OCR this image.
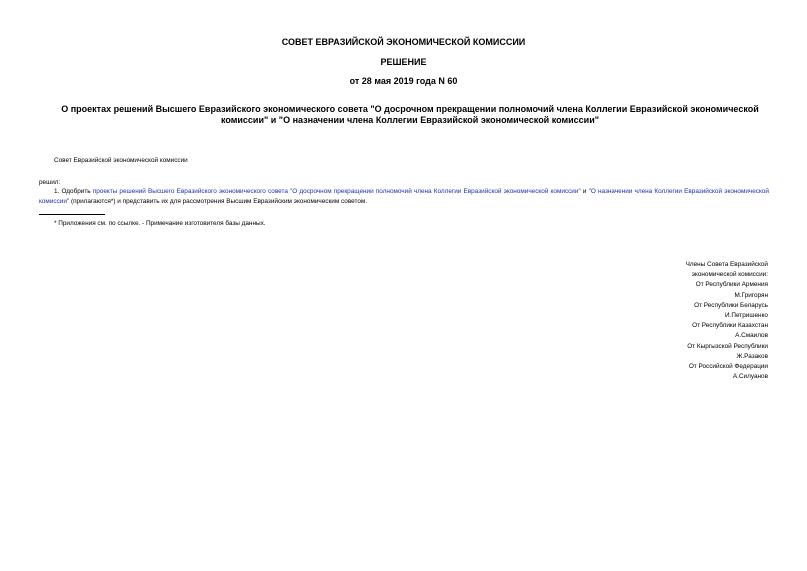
СОВЕТ ЕВРАЗИЙСКОЙ ЭКОНОМИЧЕСКОЙ КОМИССИИ
РЕШЕНИЕ
от 28 мая 2019 года N 60
О проектах решений Высшего Евразийского экономического совета "О досрочном прекращении полномочий члена Коллегии Евразийской экономической
комиссии" и "О назначении члена Коллегии Евразийской экономической комиссии"
Совет Евразийской экономической комиссии
решил:
1. Одобрить проекты решений Высшего Евразийского экономического совета "О досрочном прекращении полномочий члена Коллегии Евразийской экономической комиссии" и "О назначении члена Коллегии Евразийской экономической комиссии" (прилагаются*) и представить их для рассмотрения Высшим Евразийским экономическим советом.
* Приложения см. по ссылке. - Примечание изготовителя базы данных.
Члены Совета Евразийской
экономической комиссии:
От Республики Армения
М.Григорян
От Республики Беларусь
И.Петришенко
От Республики Казахстан
А.Смаилов
От Кыргызской Республики
Ж.Разаков
От Российской Федерации
А.Силуанов
